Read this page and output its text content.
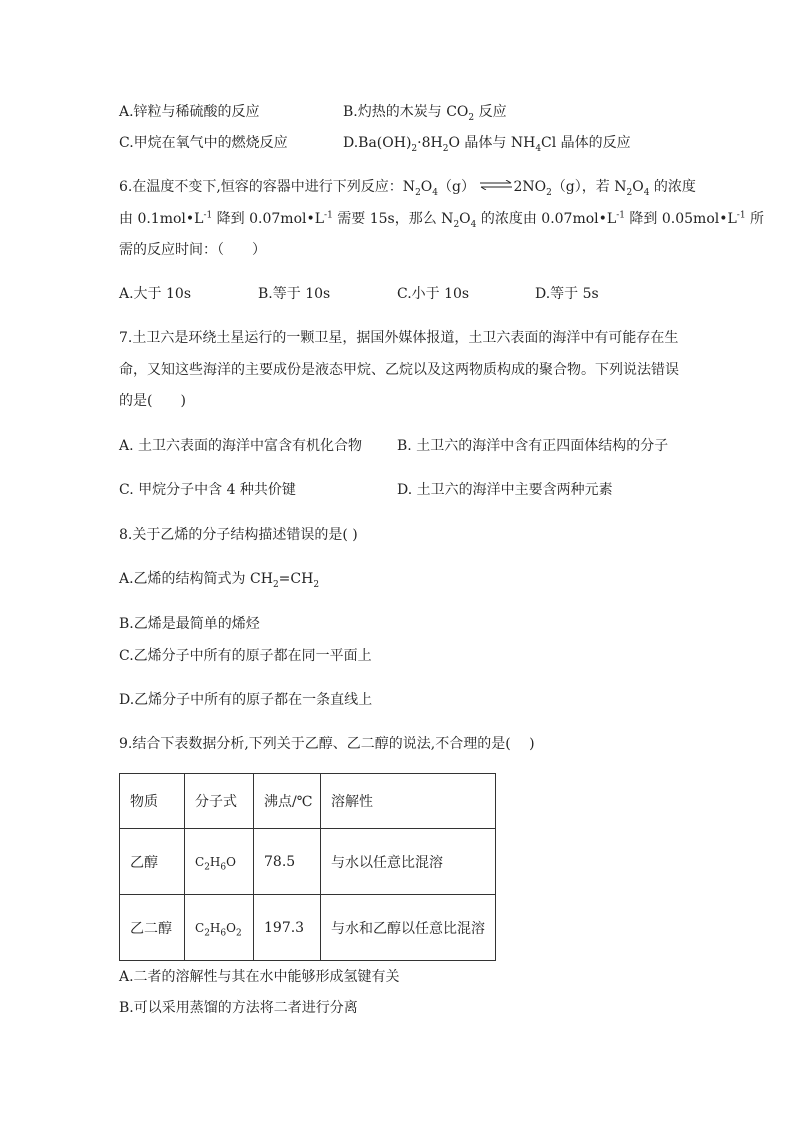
A.锌粒与稀硫酸的反应	B.灼热的木炭与 $CO_2$ 反应
C.甲烷在氧气中的燃烧反应	$D.Ba(OH)_2\cdot 8H_2O$ 晶体与 $NH_4Cl$ 晶体的反应
6.在温度不变下,恒容的容器中进行下列反应：$N_2O_4(g)$ $\rightleftharpoons 2NO_2(g)$，若 $N_2O_4$ 的浓度
由 $0.1mol•L^{-1}$ 降到 $0.07mol•L^{-1}$ 需要 15s，那么 $N_2O_4$ 的浓度由 $0.07mol•L^{-1}$ 降到 $0.05mol•L^{-1}$ 所
需的反应时间：（　　）
A.大于 10s	B.等于 10s	C.小于 10s	D.等于 5s
7.土卫六是环绕土星运行的一颗卫星，据国外媒体报道，土卫六表面的海洋中有可能存在生
命，又知这些海洋的主要成份是液态甲烷、乙烷以及这两物质构成的聚合物。下列说法错误
的是(　　)
A. 土卫六表面的海洋中富含有机化合物 B. 土卫六的海洋中含有正四面体结构的分子
C. 甲烷分子中含 4 种共价键	D. 土卫六的海洋中主要含两种元素
8.关于乙烯的分子结构描述错误的是( )
A.乙烯的结构简式为 $CH_2=CH_2$
B.乙烯是最简单的烯烃
C.乙烯分子中所有的原子都在同一平面上
D.乙烯分子中所有的原子都在一条直线上
9.结合下表数据分析,下列关于乙醇、乙二醇的说法,不合理的是(　 )
物质	分子式	沸点/℃	溶解性
乙醇	$C_2H_6O$	78.5	与水以任意比混溶
乙二醇	$C_2H_6O_2$	197.3	与水和乙醇以任意比混溶
A.二者的溶解性与其在水中能够形成氢键有关
B.可以采用蒸馏的方法将二者进行分离
